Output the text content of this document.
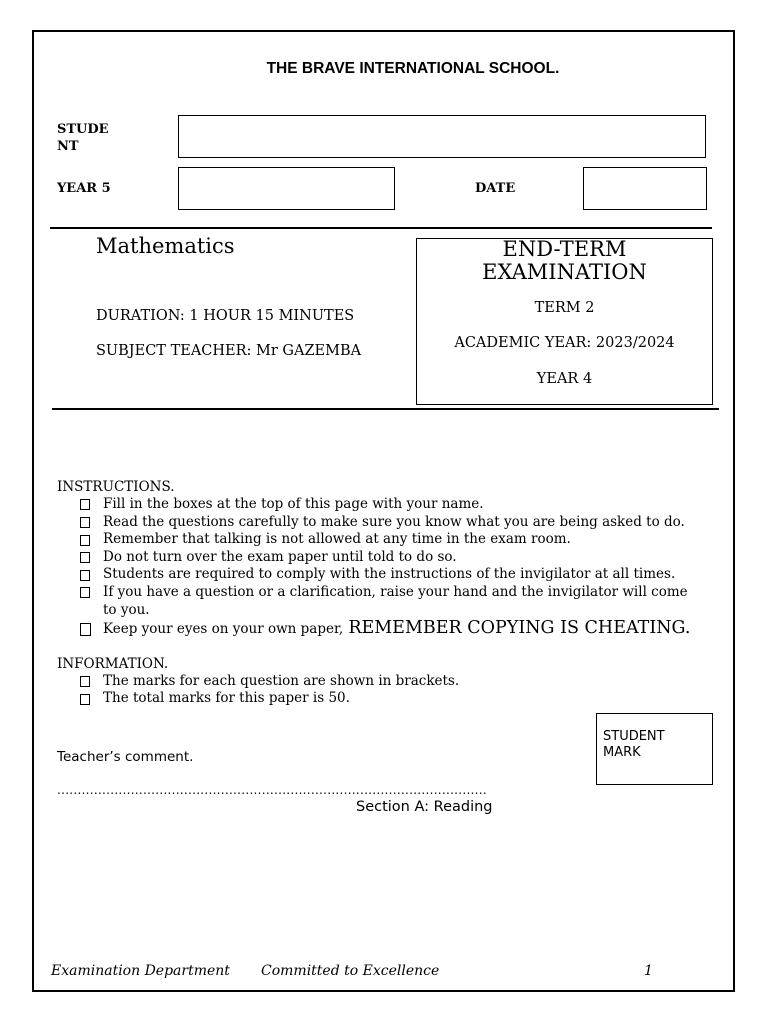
THE BRAVE INTERNATIONAL SCHOOL.
STUDE
NT
YEAR 5	DATE
Mathematics
DURATION: 1 HOUR 15 MINUTES
SUBJECT TEACHER: Mr GAZEMBA
END-TERM
EXAMINATION
TERM 2
ACADEMIC YEAR: 2023/2024
YEAR 4
INSTRUCTIONS.
Fill in the boxes at the top of this page with your name.
Read the questions carefully to make sure you know what you are being asked to do.
Remember that talking is not allowed at any time in the exam room.
Do not turn over the exam paper until told to do so.
Students are required to comply with the instructions of the invigilator at all times.
If you have a question or a clarification, raise your hand and the invigilator will come
to you.
Keep your eyes on your own paper, REMEMBER COPYING IS CHEATING.
INFORMATION.
The marks for each question are shown in brackets.
The total marks for this paper is 50.
STUDENT
MARK
Teacher’s comment.
.........................................................................................................
Section A: Reading
Examination Department Committed to Excellence	1
